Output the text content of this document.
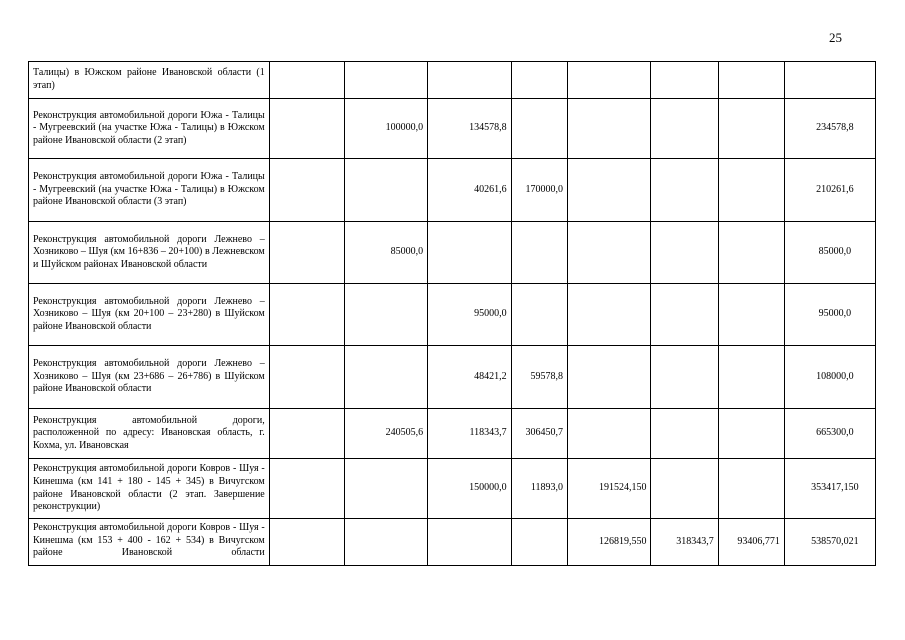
25
Талицы) в Южском районе Ивановской области (1 этап)								
Реконструкция автомобильной дороги Южа - Талицы - Мугреевский (на участке Южа - Талицы) в Южском районе Ивановской области (2 этап)		100000,0	134578,8					234578,8
Реконструкция автомобильной дороги Южа - Талицы - Мугреевский (на участке Южа - Талицы) в Южском районе Ивановской области (3 этап)			40261,6	170000,0				210261,6
Реконструкция автомобильной дороги Лежнево – Хозниково – Шуя (км 16+836 – 20+100) в Лежневском и Шуйском районах Ивановской области		85000,0						85000,0
Реконструкция автомобильной дороги Лежнево – Хозниково – Шуя (км 20+100 – 23+280) в Шуйском районе Ивановской области			95000,0					95000,0
Реконструкция автомобильной дороги Лежнево – Хозниково – Шуя (км 23+686 – 26+786) в Шуйском районе Ивановской области			48421,2	59578,8				108000,0
Реконструкция автомобильной дороги, расположенной по адресу: Ивановская область, г. Кохма, ул. Ивановская		240505,6	118343,7	306450,7				665300,0
Реконструкция автомобильной дороги Ковров - Шуя - Кинешма (км 141 + 180 - 145 + 345) в Вичугском районе Ивановской области (2 этап. Завершение реконструкции)			150000,0	11893,0	191524,150			353417,150
Реконструкция автомобильной дороги Ковров - Шуя - Кинешма (км 153 + 400 - 162 + 534) в Вичугском районе Ивановской области					126819,550	318343,7	93406,771	538570,021
